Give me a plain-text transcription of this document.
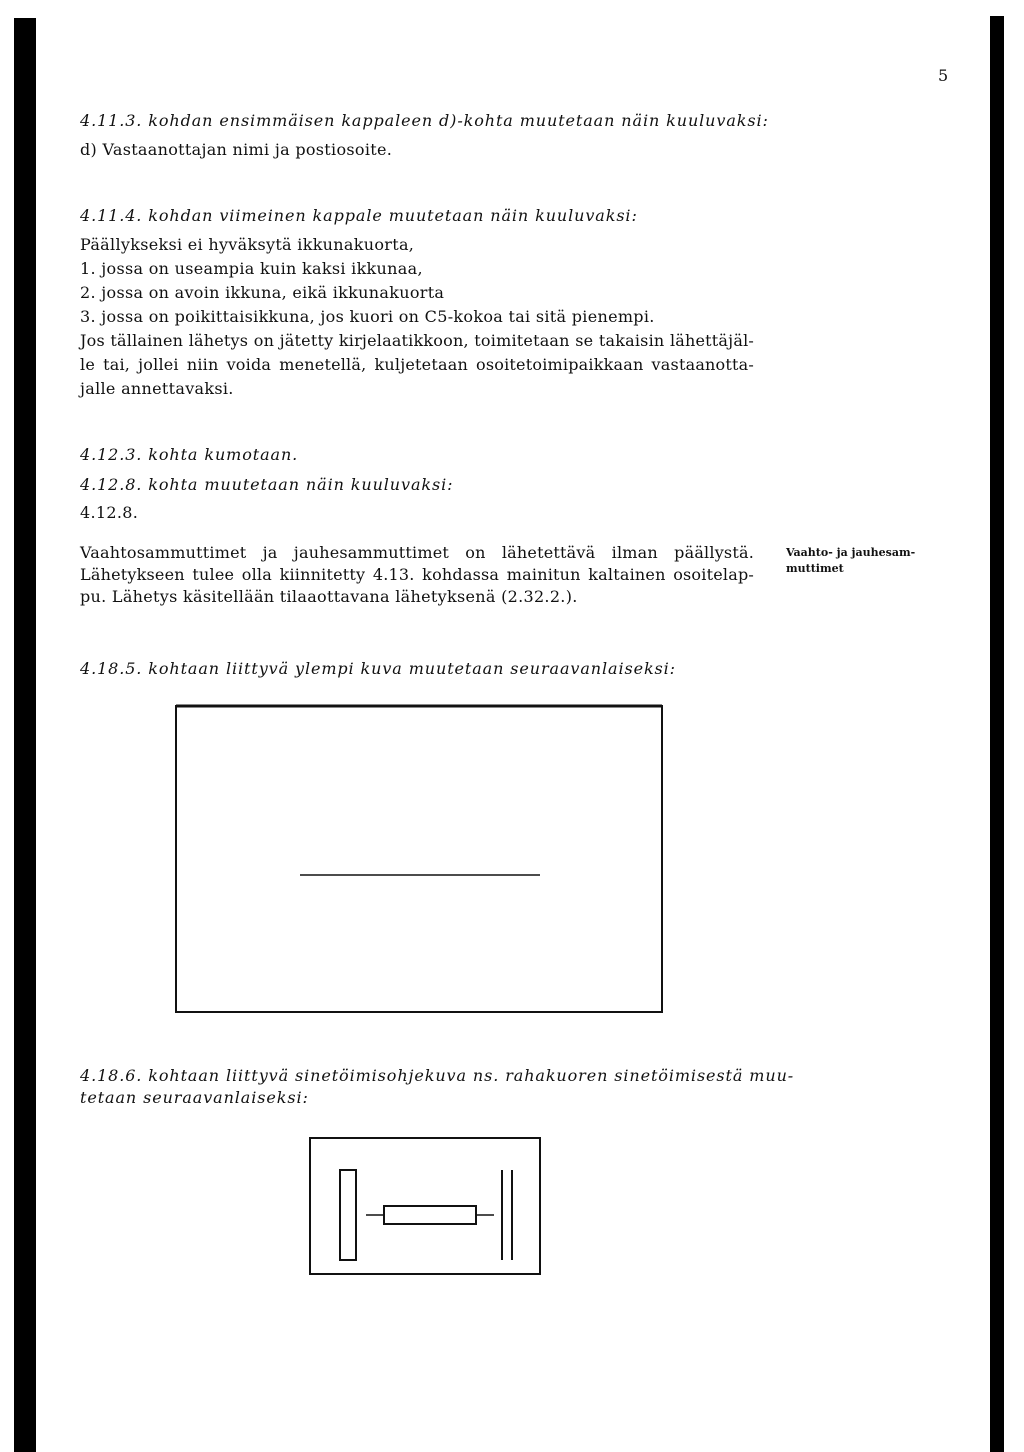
5

4.11.3. kohdan ensimmäisen kappaleen d)-kohta muutetaan näin kuuluvaksi:

d) Vastaanottajan nimi ja postiosoite.

4.11.4. kohdan viimeinen kappale muutetaan näin kuuluvaksi:

Päällykseksi ei hyväksytä ikkunakuorta,

1. jossa on useampia kuin kaksi ikkunaa,

2. jossa on avoin ikkuna, eikä ikkunakuorta

3. jossa on poikittaisikkuna, jos kuori on C5-kokoa tai sitä pienempi.

Jos tällainen lähetys on jätetty kirjelaatikkoon, toimitetaan se takaisin lähettäjäl-

le tai, jollei niin voida menetellä, kuljetetaan osoitetoimipaikkaan vastaanotta-

jalle annettavaksi.

4.12.3. kohta kumotaan.

4.12.8. kohta muutetaan näin kuuluvaksi:

4.12.8.

Vaahtosammuttimet ja jauhesammuttimet on lähetettävä ilman päällystä.

Lähetykseen tulee olla kiinnitetty 4.13. kohdassa mainitun kaltainen osoitelap-

pu. Lähetys käsitellään tilaaottavana lähetyksenä (2.32.2.).

Vaahto- ja jauhesam-
muttimet

4.18.5. kohtaan liittyvä ylempi kuva muutetaan seuraavanlaiseksi:

4.18.6. kohtaan liittyvä sinetöimisohjekuva ns. rahakuoren sinetöimisestä muu-

tetaan seuraavanlaiseksi:
